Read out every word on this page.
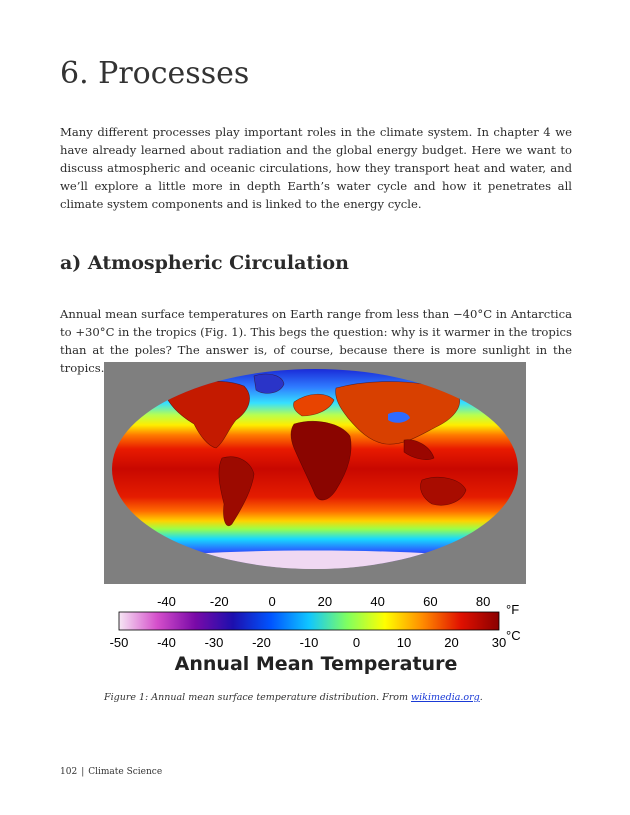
6. Processes

Many different processes play important roles in the climate system. In chapter 4 we have already learned about radiation and the global energy budget. Here we want to discuss atmospheric and oceanic circulations, how they transport heat and water, and we’ll explore a little more in depth Earth’s water cycle and how it penetrates all climate system components and is linked to the energy cycle.

a) Atmospheric Circulation

Annual mean surface temperatures on Earth range from less than −40°C in Antarctica to +30°C in the tropics (Fig. 1). This begs the question: why is it warmer in the tropics than at the poles? The answer is, of course, because there is more sunlight in the tropics.

-40	-20	0	20	40	60	80
°F
-50 -40 -30 -20 -10	0	10	20	30 °C
Annual Mean Temperature

Figure 1: Annual mean surface temperature distribution. From wikimedia.org.

102 | Climate Science
